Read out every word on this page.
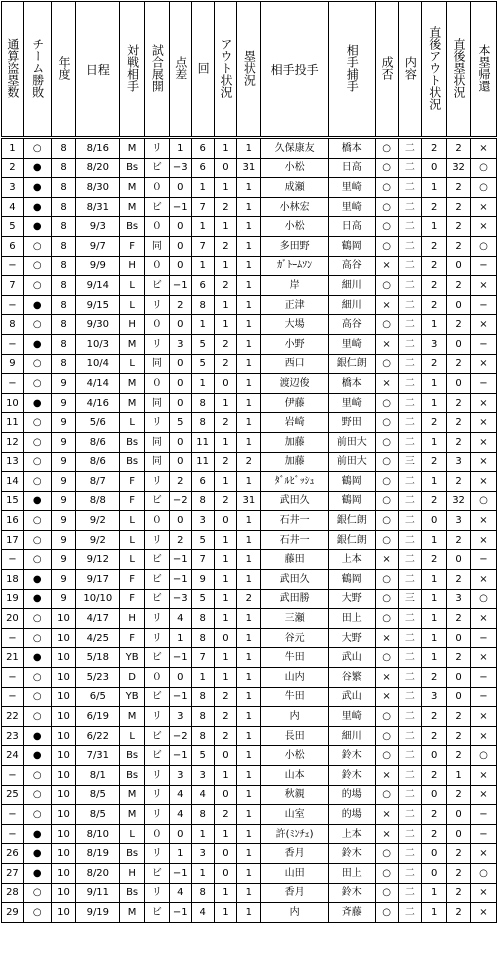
通算盗塁数	チーム勝敗	年度	日程	対戦相手	試合展開	点差	回	アウト状況	塁状況	相手投手	相手捕手	成否	内容	直後アウト状況	直後塁状況	本塁帰還
1	○	8	8/16	M	リ	1	6	1	1	久保康友	橋本	○	二	2	2	×
2	●	8	8/20	Bs	ビ	−3	6	0	31	小松	日高	○	二	0	32	○
3	●	8	8/30	M	０	0	1	1	1	成瀬	里崎	○	二	1	2	○
4	●	8	8/31	M	ビ	−1	7	2	1	小林宏	里崎	○	二	2	2	×
5	●	8	9/3	Bs	０	0	1	1	1	小松	日高	○	二	1	2	×
6	○	8	9/7	F	同	0	7	2	1	多田野	鶴岡	○	二	2	2	○
−	○	8	9/9	H	０	0	1	1	1	ｶﾞﾄｰﾑｿﾝ	高谷	×	二	2	0	−
7	○	8	9/14	L	ビ	−1	6	2	1	岸	細川	○	二	2	2	×
−	●	8	9/15	L	リ	2	8	1	1	正津	細川	×	二	2	0	−
8	○	8	9/30	H	０	0	1	1	1	大場	高谷	○	二	1	2	×
−	●	8	10/3	M	リ	3	5	2	1	小野	里崎	×	二	3	0	−
9	○	8	10/4	L	同	0	5	2	1	西口	銀仁朗	○	二	2	2	×
−	○	9	4/14	M	０	0	1	0	1	渡辺俊	橋本	×	二	1	0	−
10	●	9	4/16	M	同	0	8	1	1	伊藤	里崎	○	二	1	2	×
11	○	9	5/6	L	リ	5	8	2	1	岩崎	野田	○	二	2	2	×
12	○	9	8/6	Bs	同	0	11	1	1	加藤	前田大	○	二	1	2	×
13	○	9	8/6	Bs	同	0	11	2	2	加藤	前田大	○	三	2	3	×
14	○	9	8/7	F	リ	2	6	1	1	ﾀﾞﾙﾋﾞｯｼｭ	鶴岡	○	二	1	2	×
15	●	9	8/8	F	ビ	−2	8	2	31	武田久	鶴岡	○	二	2	32	○
16	○	9	9/2	L	０	0	3	0	1	石井一	銀仁朗	○	二	0	3	×
17	○	9	9/2	L	リ	2	5	1	1	石井一	銀仁朗	○	二	1	2	×
−	○	9	9/12	L	ビ	−1	7	1	1	藤田	上本	×	二	2	0	−
18	●	9	9/17	F	ビ	−1	9	1	1	武田久	鶴岡	○	二	1	2	×
19	●	9	10/10	F	ビ	−3	5	1	2	武田勝	大野	○	三	1	3	○
20	○	10	4/17	H	リ	4	8	1	1	三瀬	田上	○	二	1	2	×
−	○	10	4/25	F	リ	1	8	0	1	谷元	大野	×	二	1	0	−
21	●	10	5/18	YB	ビ	−1	7	1	1	牛田	武山	○	二	1	2	×
−	○	10	5/23	D	０	0	1	1	1	山内	谷繁	×	二	2	0	−
−	○	10	6/5	YB	ビ	−1	8	2	1	牛田	武山	×	二	3	0	−
22	○	10	6/19	M	リ	3	8	2	1	内	里崎	○	二	2	2	×
23	●	10	6/22	L	ビ	−2	8	2	1	長田	細川	○	二	2	2	×
24	●	10	7/31	Bs	ビ	−1	5	0	1	小松	鈴木	○	二	0	2	○
−	○	10	8/1	Bs	リ	3	3	1	1	山本	鈴木	×	二	2	1	×
25	○	10	8/5	M	リ	4	4	0	1	秋親	的場	○	二	0	2	×
−	○	10	8/5	M	リ	4	8	2	1	山室	的場	×	二	2	0	−
−	●	10	8/10	L	０	0	1	1	1	許(ﾐﾝﾁｪ)	上本	×	二	2	0	−
26	●	10	8/19	Bs	リ	1	3	0	1	香月	鈴木	○	二	0	2	×
27	●	10	8/20	H	ビ	−1	1	0	1	山田	田上	○	二	0	2	○
28	○	10	9/11	Bs	リ	4	8	1	1	香月	鈴木	○	二	1	2	×
29	○	10	9/19	M	ビ	−1	4	1	1	内	斉藤	○	二	1	2	×
